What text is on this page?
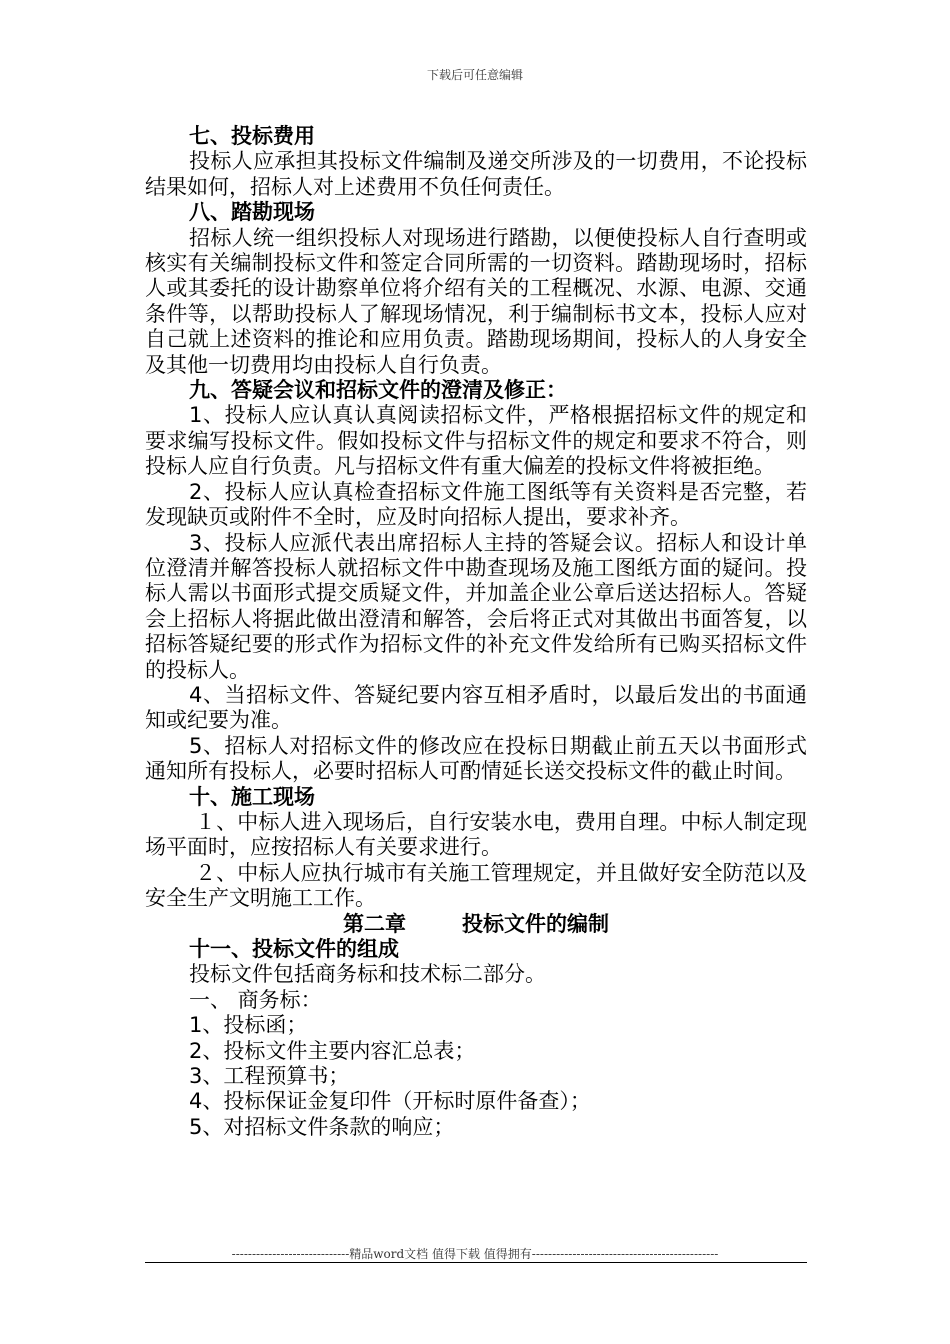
下载后可任意编辑

七、投标费用

投标人应承担其投标文件编制及递交所涉及的一切费用，不论投标结果如何，招标人对上述费用不负任何责任。

八、踏勘现场

招标人统一组织投标人对现场进行踏勘，以便使投标人自行查明或核实有关编制投标文件和签定合同所需的一切资料。踏勘现场时，招标人或其委托的设计勘察单位将介绍有关的工程概况、水源、电源、交通条件等，以帮助投标人了解现场情况，利于编制标书文本，投标人应对自己就上述资料的推论和应用负责。踏勘现场期间，投标人的人身安全及其他一切费用均由投标人自行负责。

九、答疑会议和招标文件的澄清及修正：

1、投标人应认真认真阅读招标文件，严格根据招标文件的规定和要求编写投标文件。假如投标文件与招标文件的规定和要求不符合，则投标人应自行负责。凡与招标文件有重大偏差的投标文件将被拒绝。

2、投标人应认真检查招标文件施工图纸等有关资料是否完整，若发现缺页或附件不全时，应及时向招标人提出，要求补齐。

3、投标人应派代表出席招标人主持的答疑会议。招标人和设计单位澄清并解答投标人就招标文件中勘查现场及施工图纸方面的疑问。投标人需以书面形式提交质疑文件，并加盖企业公章后送达招标人。答疑会上招标人将据此做出澄清和解答，会后将正式对其做出书面答复，以招标答疑纪要的形式作为招标文件的补充文件发给所有已购买招标文件的投标人。

4、当招标文件、答疑纪要内容互相矛盾时，以最后发出的书面通知或纪要为准。

5、招标人对招标文件的修改应在投标日期截止前五天以书面形式通知所有投标人，必要时招标人可酌情延长送交投标文件的截止时间。

十、施工现场

１、中标人进入现场后，自行安装水电，费用自理。中标人制定现场平面时，应按招标人有关要求进行。

２、中标人应执行城市有关施工管理规定，并且做好安全防范以及安全生产文明施工工作。

第二章	投标文件的编制

十一、投标文件的组成

投标文件包括商务标和技术标二部分。

一、 商务标：

1、投标函；

2、投标文件主要内容汇总表；

3、工程预算书；

4、投标保证金复印件（开标时原件备查）；

5、对招标文件条款的响应；

-----------------------------精品word文档 值得下载 值得拥有----------------------------------------------
